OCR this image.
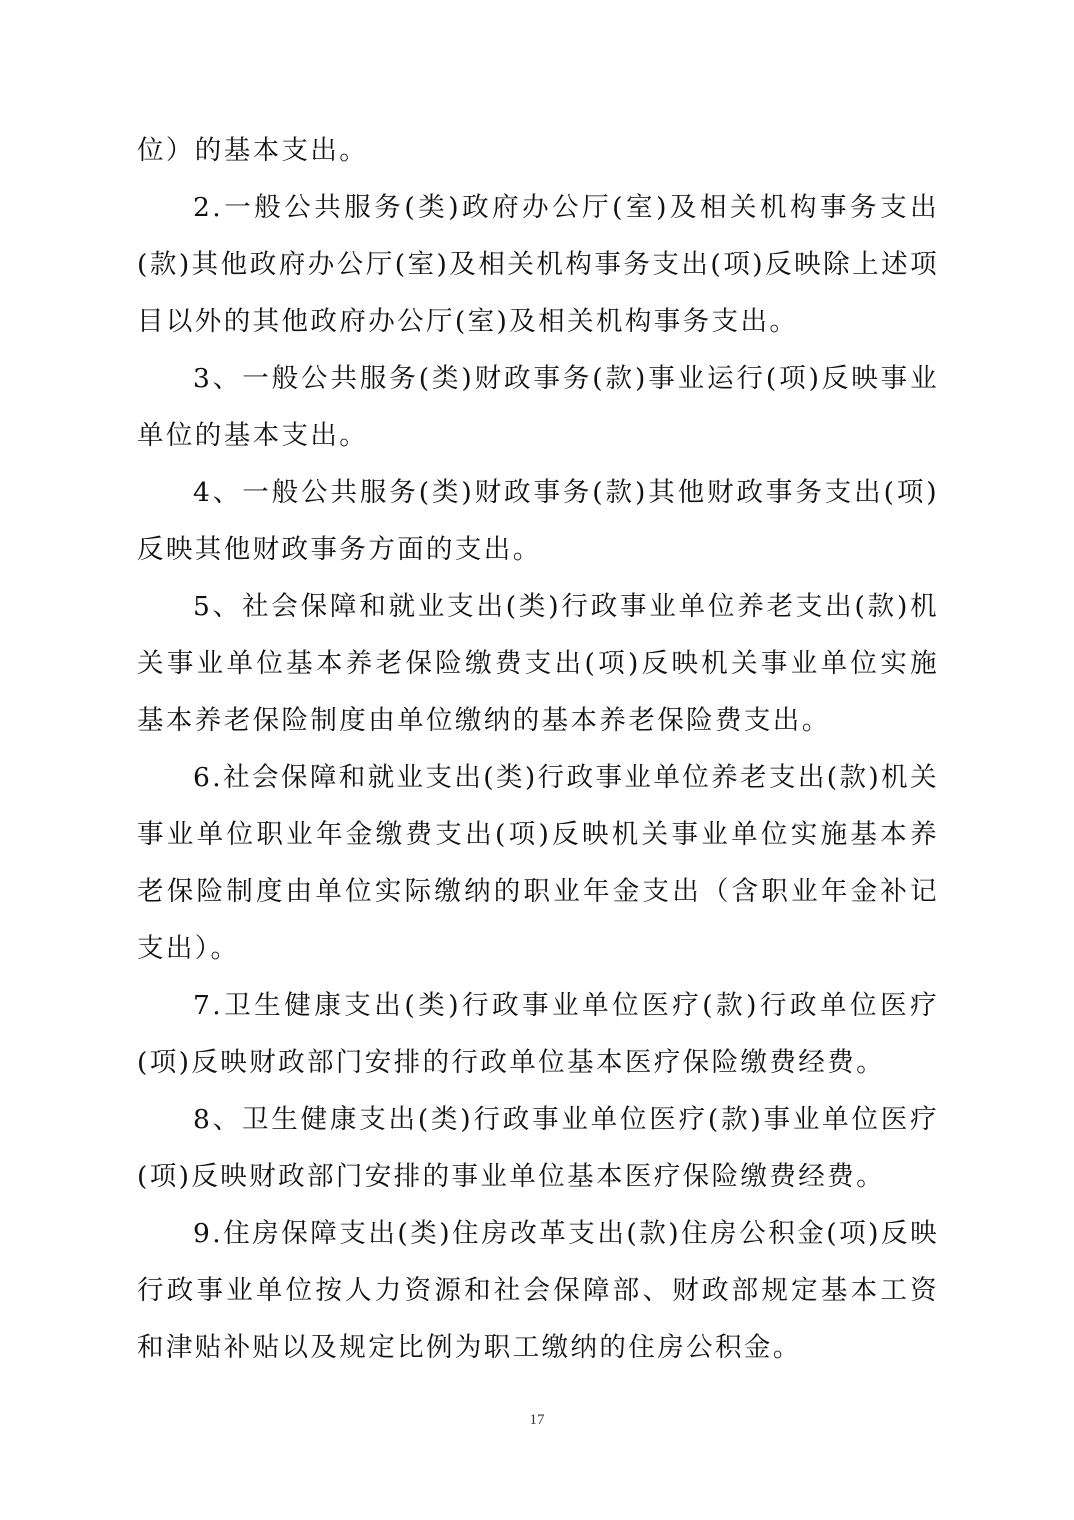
位）的基本支出。

2.一般公共服务(类)政府办公厅(室)及相关机构事务支出(款)其他政府办公厅(室)及相关机构事务支出(项)反映除上述项目以外的其他政府办公厅(室)及相关机构事务支出。

3、一般公共服务(类)财政事务(款)事业运行(项)反映事业单位的基本支出。

4、一般公共服务(类)财政事务(款)其他财政事务支出(项)反映其他财政事务方面的支出。

5、社会保障和就业支出(类)行政事业单位养老支出(款)机关事业单位基本养老保险缴费支出(项)反映机关事业单位实施基本养老保险制度由单位缴纳的基本养老保险费支出。

6.社会保障和就业支出(类)行政事业单位养老支出(款)机关事业单位职业年金缴费支出(项)反映机关事业单位实施基本养老保险制度由单位实际缴纳的职业年金支出（含职业年金补记支出）。

7.卫生健康支出(类)行政事业单位医疗(款)行政单位医疗(项)反映财政部门安排的行政单位基本医疗保险缴费经费。

8、卫生健康支出(类)行政事业单位医疗(款)事业单位医疗(项)反映财政部门安排的事业单位基本医疗保险缴费经费。

9.住房保障支出(类)住房改革支出(款)住房公积金(项)反映行政事业单位按人力资源和社会保障部、财政部规定基本工资和津贴补贴以及规定比例为职工缴纳的住房公积金。

17
